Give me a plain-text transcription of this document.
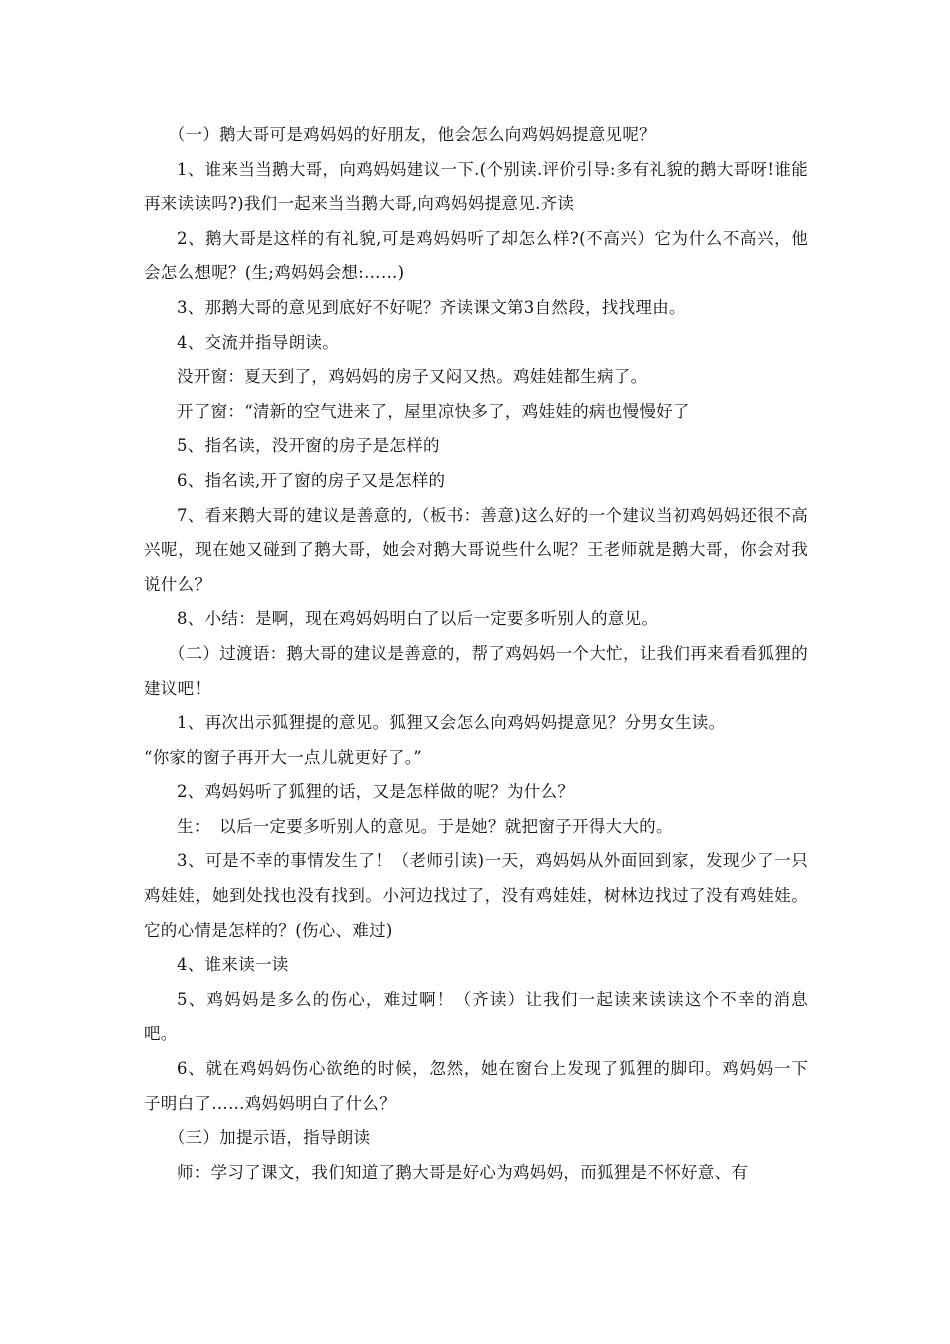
（一）鹅大哥可是鸡妈妈的好朋友，他会怎么向鸡妈妈提意见呢？

1、谁来当当鹅大哥，向鸡妈妈建议一下.(个别读.评价引导:多有礼貌的鹅大哥呀!谁能再来读读吗?)我们一起来当当鹅大哥,向鸡妈妈提意见.齐读

2、鹅大哥是这样的有礼貌,可是鸡妈妈听了却怎么样?(不高兴）它为什么不高兴，他会怎么想呢？(生;鸡妈妈会想:……)

3、那鹅大哥的意见到底好不好呢？齐读课文第3自然段，找找理由。

4、交流并指导朗读。

没开窗：夏天到了，鸡妈妈的房子又闷又热。鸡娃娃都生病了。

开了窗：“清新的空气进来了，屋里凉快多了，鸡娃娃的病也慢慢好了

5、指名读，没开窗的房子是怎样的

6、指名读,开了窗的房子又是怎样的

7、看来鹅大哥的建议是善意的,（板书：善意)这么好的一个建议当初鸡妈妈还很不高兴呢，现在她又碰到了鹅大哥，她会对鹅大哥说些什么呢？王老师就是鹅大哥，你会对我说什么？

8、小结：是啊，现在鸡妈妈明白了以后一定要多听别人的意见。

（二）过渡语：鹅大哥的建议是善意的，帮了鸡妈妈一个大忙，让我们再来看看狐狸的建议吧！

1、再次出示狐狸提的意见。狐狸又会怎么向鸡妈妈提意见？分男女生读。

“你家的窗子再开大一点儿就更好了。”

2、鸡妈妈听了狐狸的话，又是怎样做的呢？为什么？

生：　以后一定要多听别人的意见。于是她？就把窗子开得大大的。

3、可是不幸的事情发生了！（老师引读)一天，鸡妈妈从外面回到家，发现少了一只鸡娃娃，她到处找也没有找到。小河边找过了，没有鸡娃娃，树林边找过了没有鸡娃娃。它的心情是怎样的？(伤心、难过)

4、谁来读一读

5、鸡妈妈是多么的伤心，难过啊！（齐读）让我们一起读来读读这个不幸的消息吧。

6、就在鸡妈妈伤心欲绝的时候，忽然，她在窗台上发现了狐狸的脚印。鸡妈妈一下子明白了……鸡妈妈明白了什么？

（三）加提示语，指导朗读

师：学习了课文，我们知道了鹅大哥是好心为鸡妈妈，而狐狸是不怀好意、有
